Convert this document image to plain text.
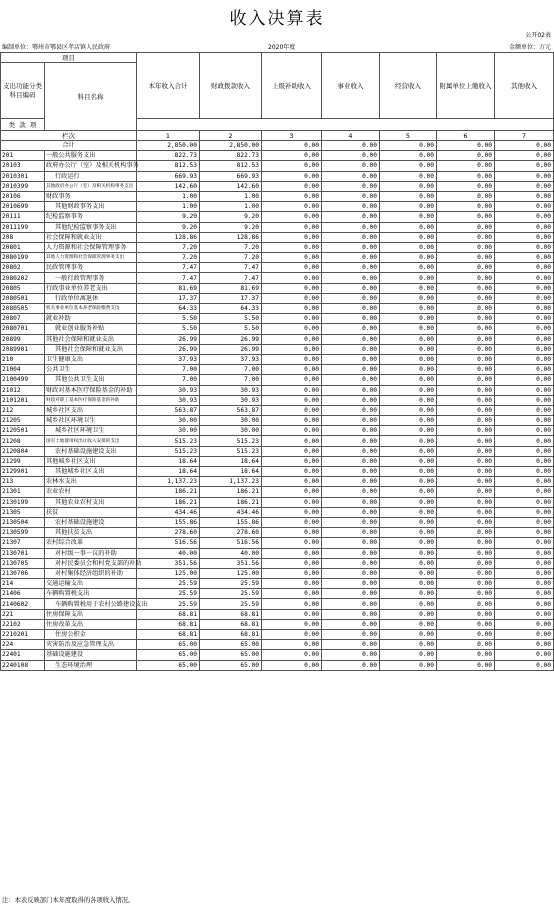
收入决算表
公开02表
编制单位：鄂州市鄂县区孝店镇人民政府	2020年度	金额单位：万元
项目		本年收入合计	财政拨款收入	上级补助收入	事业收入	经营收入	附属单位上缴收入	其他收入
支出功能分类科目编码	科目名称							
类 款 项								
栏次		1	2	3	4	5	6	7
合计		2,850.00	2,850.00	0.00	0.00	0.00	0.00	0.00
201	一般公共服务支出	822.73	822.73	0.00	0.00	0.00	0.00	0.00
20103	政府办公厅（室）及相关机构事务	812.53	812.53	0.00	0.00	0.00	0.00	0.00
2010301	行政运行	669.93	669.93	0.00	0.00	0.00	0.00	0.00
2010399	其他政府办公厅（室）及相关机构事务支出	142.60	142.60	0.00	0.00	0.00	0.00	0.00
20106	财政事务	1.00	1.00	0.00	0.00	0.00	0.00	0.00
2010699	其他财政事务支出	1.00	1.00	0.00	0.00	0.00	0.00	0.00
20111	纪检监察事务	9.20	9.20	0.00	0.00	0.00	0.00	0.00
2011199	其他纪检监察事务支出	9.20	9.20	0.00	0.00	0.00	0.00	0.00
208	社会保障和就业支出	128.86	128.86	0.00	0.00	0.00	0.00	0.00
20801	人力资源和社会保障管理事务	7.20	7.20	0.00	0.00	0.00	0.00	0.00
2080199	其他人力资源和社会保障管理事务支出	7.20	7.20	0.00	0.00	0.00	0.00	0.00
20802	民政管理事务	7.47	7.47	0.00	0.00	0.00	0.00	0.00
2080202	一般行政管理事务	7.47	7.47	0.00	0.00	0.00	0.00	0.00
20805	行政事业单位养老支出	81.69	81.69	0.00	0.00	0.00	0.00	0.00
2080501	行政单位离退休	17.37	17.37	0.00	0.00	0.00	0.00	0.00
2080505	机关事业单位基本养老保险缴费支出	64.33	64.33	0.00	0.00	0.00	0.00	0.00
20807	就业补助	5.50	5.50	0.00	0.00	0.00	0.00	0.00
2080701	就业创业服务补贴	5.50	5.50	0.00	0.00	0.00	0.00	0.00
20899	其他社会保障和就业支出	26.99	26.99	0.00	0.00	0.00	0.00	0.00
2089901	其他社会保障和就业支出	26.99	26.99	0.00	0.00	0.00	0.00	0.00
210	卫生健康支出	37.93	37.93	0.00	0.00	0.00	0.00	0.00
21004	公共卫生	7.00	7.00	0.00	0.00	0.00	0.00	0.00
2100499	其他公共卫生支出	7.00	7.00	0.00	0.00	0.00	0.00	0.00
21012	财政对基本医疗保险基金的补助	30.93	30.93	0.00	0.00	0.00	0.00	0.00
2101201	财政对职工基本医疗保险基金的补助	30.93	30.93	0.00	0.00	0.00	0.00	0.00
212	城乡社区支出	563.87	563.87	0.00	0.00	0.00	0.00	0.00
21205	城乡社区环境卫生	30.00	30.00	0.00	0.00	0.00	0.00	0.00
2120501	城乡社区环境卫生	30.00	30.00	0.00	0.00	0.00	0.00	0.00
21208	国有土地使用权出让收入安排的支出	515.23	515.23	0.00	0.00	0.00	0.00	0.00
2120804	农村基础设施建设支出	515.23	515.23	0.00	0.00	0.00	0.00	0.00
21299	其他城乡社区支出	18.64	18.64	0.00	0.00	0.00	0.00	0.00
2129901	其他城乡社区支出	18.64	18.64	0.00	0.00	0.00	0.00	0.00
213	农林水支出	1,137.23	1,137.23	0.00	0.00	0.00	0.00	0.00
21301	农业农村	186.21	186.21	0.00	0.00	0.00	0.00	0.00
2130199	其他农业农村支出	186.21	186.21	0.00	0.00	0.00	0.00	0.00
21305	扶贫	434.46	434.46	0.00	0.00	0.00	0.00	0.00
2130504	农村基础设施建设	155.86	155.86	0.00	0.00	0.00	0.00	0.00
2130599	其他扶贫支出	278.60	278.60	0.00	0.00	0.00	0.00	0.00
21307	农村综合改革	516.56	516.56	0.00	0.00	0.00	0.00	0.00
2130701	对村级一事一议的补助	40.00	40.00	0.00	0.00	0.00	0.00	0.00
2130705	对村民委员会和村党支部的补助	351.56	351.56	0.00	0.00	0.00	0.00	0.00
2130706	对村集体经济组织的补助	125.00	125.00	0.00	0.00	0.00	0.00	0.00
214	交通运输支出	25.59	25.59	0.00	0.00	0.00	0.00	0.00
21406	车辆购置税支出	25.59	25.59	0.00	0.00	0.00	0.00	0.00
2140602	车辆购置税用于农村公路建设支出	25.59	25.59	0.00	0.00	0.00	0.00	0.00
221	住房保障支出	68.81	68.81	0.00	0.00	0.00	0.00	0.00
22102	住房改革支出	68.81	68.81	0.00	0.00	0.00	0.00	0.00
2210201	住房公积金	68.81	68.81	0.00	0.00	0.00	0.00	0.00
224	灾害防治及应急管理支出	65.00	65.00	0.00	0.00	0.00	0.00	0.00
22401	基础设施建设	65.00	65.00	0.00	0.00	0.00	0.00	0.00
2240108	生态环境治理	65.00	65.00	0.00	0.00	0.00	0.00	0.00
注：本表反映部门本年度取得的各项收入情况。
